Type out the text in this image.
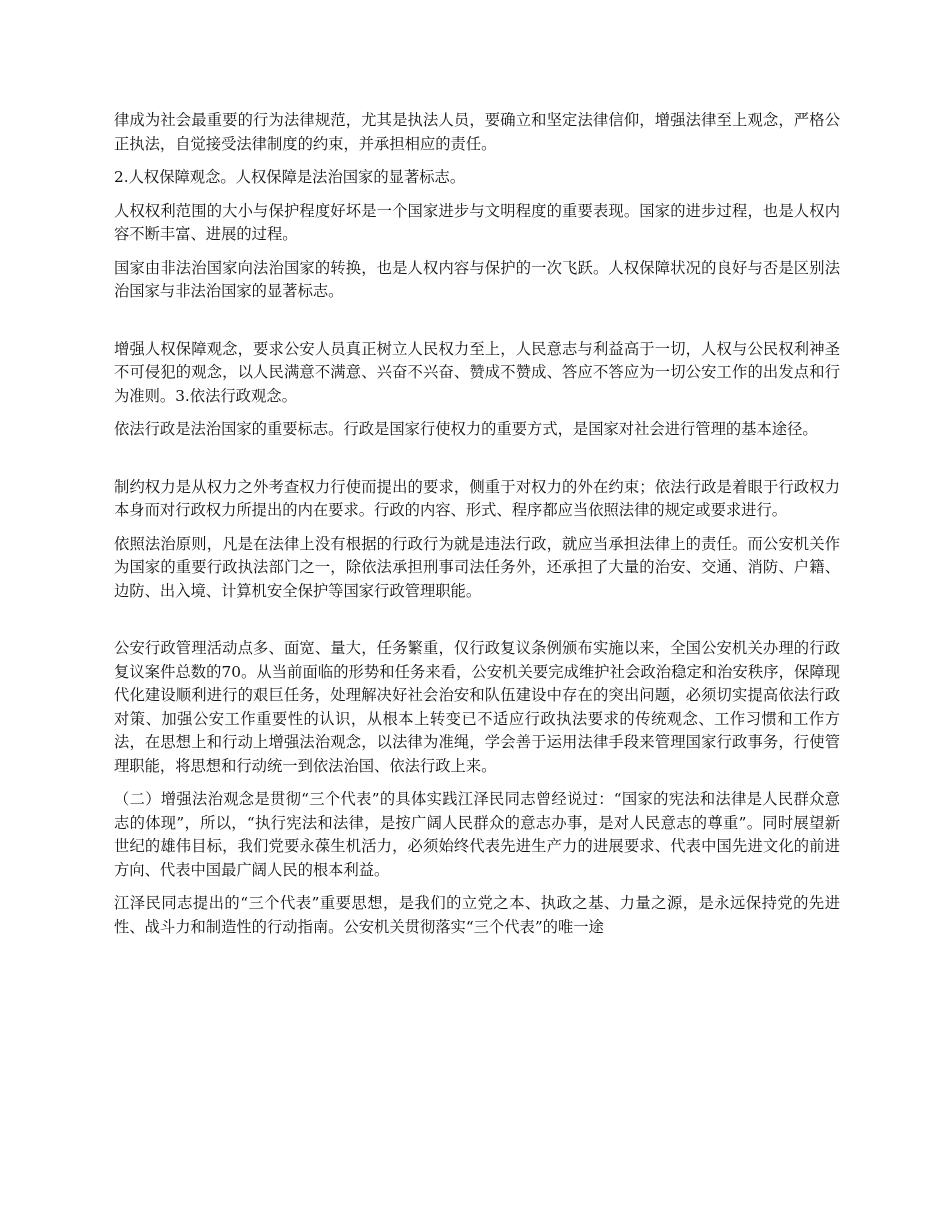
律成为社会最重要的行为法律规范，尤其是执法人员，要确立和坚定法律信仰，增强法律至上观念，严格公正执法，自觉接受法律制度的约束，并承担相应的责任。

2.人权保障观念。人权保障是法治国家的显著标志。

人权权利范围的大小与保护程度好坏是一个国家进步与文明程度的重要表现。国家的进步过程，也是人权内容不断丰富、进展的过程。

国家由非法治国家向法治国家的转换，也是人权内容与保护的一次飞跃。人权保障状况的良好与否是区别法治国家与非法治国家的显著标志。

增强人权保障观念，要求公安人员真正树立人民权力至上，人民意志与利益高于一切，人权与公民权利神圣不可侵犯的观念，以人民满意不满意、兴奋不兴奋、赞成不赞成、答应不答应为一切公安工作的出发点和行为准则。3.依法行政观念。

依法行政是法治国家的重要标志。行政是国家行使权力的重要方式，是国家对社会进行管理的基本途径。

制约权力是从权力之外考查权力行使而提出的要求，侧重于对权力的外在约束；依法行政是着眼于行政权力本身而对行政权力所提出的内在要求。行政的内容、形式、程序都应当依照法律的规定或要求进行。

依照法治原则，凡是在法律上没有根据的行政行为就是违法行政，就应当承担法律上的责任。而公安机关作为国家的重要行政执法部门之一，除依法承担刑事司法任务外，还承担了大量的治安、交通、消防、户籍、边防、出入境、计算机安全保护等国家行政管理职能。

公安行政管理活动点多、面宽、量大，任务繁重，仅行政复议条例颁布实施以来，全国公安机关办理的行政复议案件总数的70。从当前面临的形势和任务来看，公安机关要完成维护社会政治稳定和治安秩序，保障现代化建设顺利进行的艰巨任务，处理解决好社会治安和队伍建设中存在的突出问题，必须切实提高依法行政对策、加强公安工作重要性的认识，从根本上转变已不适应行政执法要求的传统观念、工作习惯和工作方法，在思想上和行动上增强法治观念，以法律为准绳，学会善于运用法律手段来管理国家行政事务，行使管理职能，将思想和行动统一到依法治国、依法行政上来。

（二）增强法治观念是贯彻“三个代表”的具体实践江泽民同志曾经说过：“国家的宪法和法律是人民群众意志的体现”，所以，“执行宪法和法律，是按广阔人民群众的意志办事，是对人民意志的尊重”。同时展望新世纪的雄伟目标，我们党要永葆生机活力，必须始终代表先进生产力的进展要求、代表中国先进文化的前进方向、代表中国最广阔人民的根本利益。

江泽民同志提出的“三个代表”重要思想，是我们的立党之本、执政之基、力量之源，是永远保持党的先进性、战斗力和制造性的行动指南。公安机关贯彻落实“三个代表”的唯一途
